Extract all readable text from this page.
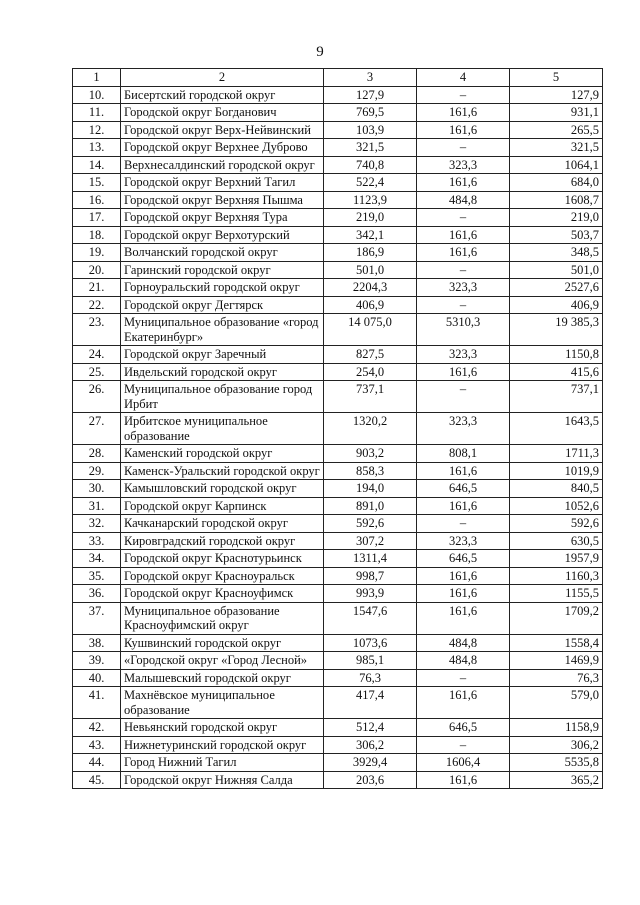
9
1	2	3	4	5
10.	Бисертский городской округ	127,9	–	127,9
11.	Городской округ Богданович	769,5	161,6	931,1
12.	Городской округ Верх-Нейвинский	103,9	161,6	265,5
13.	Городской округ Верхнее Дуброво	321,5	–	321,5
14.	Верхнесалдинский городской округ	740,8	323,3	1064,1
15.	Городской округ Верхний Тагил	522,4	161,6	684,0
16.	Городской округ Верхняя Пышма	1123,9	484,8	1608,7
17.	Городской округ Верхняя Тура	219,0	–	219,0
18.	Городской округ Верхотурский	342,1	161,6	503,7
19.	Волчанский городской округ	186,9	161,6	348,5
20.	Гаринский городской округ	501,0	–	501,0
21.	Горноуральский городской округ	2204,3	323,3	2527,6
22.	Городской округ Дегтярск	406,9	–	406,9
23.	Муниципальное образование «город Екатеринбург»	14 075,0	5310,3	19 385,3
24.	Городской округ Заречный	827,5	323,3	1150,8
25.	Ивдельский городской округ	254,0	161,6	415,6
26.	Муниципальное образование город Ирбит	737,1	–	737,1
27.	Ирбитское муниципальное образование	1320,2	323,3	1643,5
28.	Каменский городской округ	903,2	808,1	1711,3
29.	Каменск-Уральский городской округ	858,3	161,6	1019,9
30.	Камышловский городской округ	194,0	646,5	840,5
31.	Городской округ Карпинск	891,0	161,6	1052,6
32.	Качканарский городской округ	592,6	–	592,6
33.	Кировградский городской округ	307,2	323,3	630,5
34.	Городской округ Краснотурьинск	1311,4	646,5	1957,9
35.	Городской округ Красноуральск	998,7	161,6	1160,3
36.	Городской округ Красноуфимск	993,9	161,6	1155,5
37.	Муниципальное образование Красноуфимский округ	1547,6	161,6	1709,2
38.	Кушвинский городской округ	1073,6	484,8	1558,4
39.	«Городской округ «Город Лесной»	985,1	484,8	1469,9
40.	Малышевский городской округ	76,3	–	76,3
41.	Махнёвское муниципальное образование	417,4	161,6	579,0
42.	Невьянский городской округ	512,4	646,5	1158,9
43.	Нижнетуринский городской округ	306,2	–	306,2
44.	Город Нижний Тагил	3929,4	1606,4	5535,8
45.	Городской округ Нижняя Салда	203,6	161,6	365,2
